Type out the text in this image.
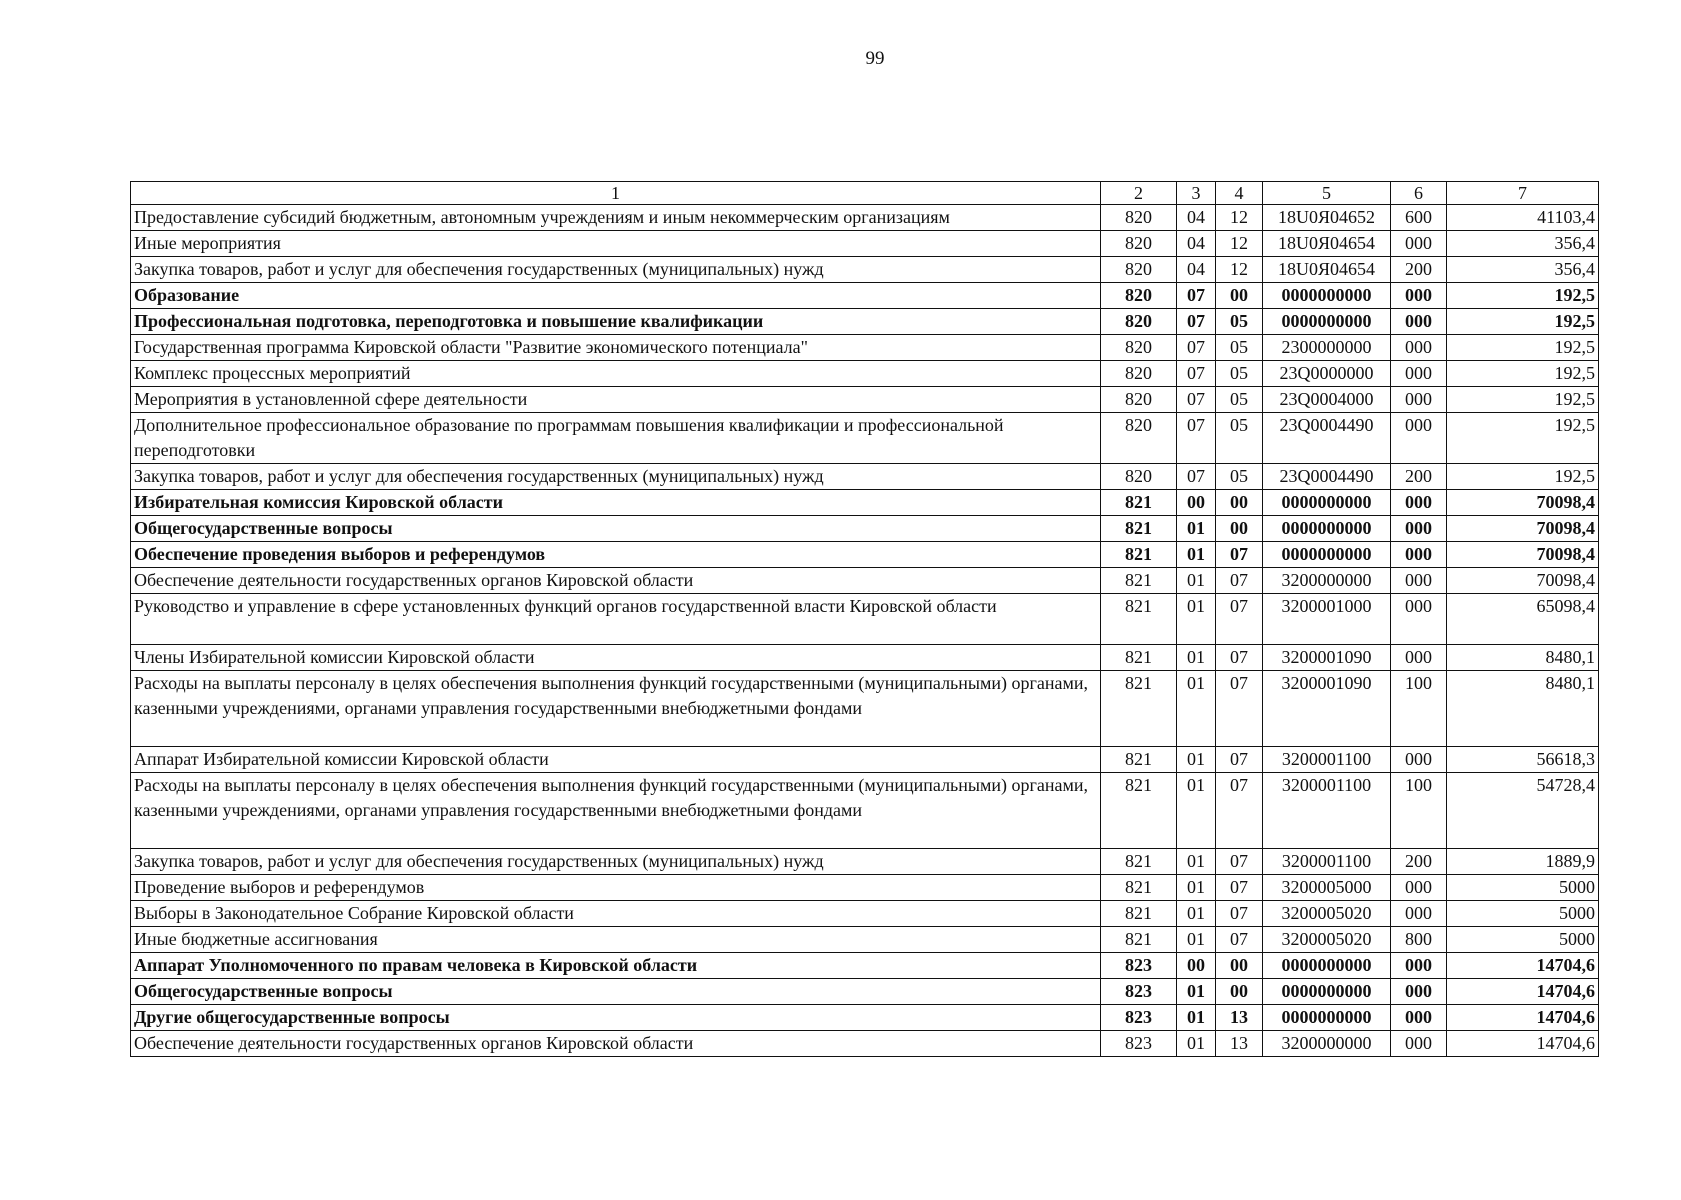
99
1	2	3	4	5	6	7
Предоставление субсидий бюджетным, автономным учреждениям и иным некоммерческим организациям	820	04	12	18U0Я04652	600	41103,4
Иные мероприятия	820	04	12	18U0Я04654	000	356,4
Закупка товаров, работ и услуг для обеспечения государственных (муниципальных) нужд	820	04	12	18U0Я04654	200	356,4
Образование	820	07	00	0000000000	000	192,5
Профессиональная подготовка, переподготовка и повышение квалификации	820	07	05	0000000000	000	192,5
Государственная программа Кировской области "Развитие экономического потенциала"	820	07	05	2300000000	000	192,5
Комплекс процессных мероприятий	820	07	05	23Q0000000	000	192,5
Мероприятия в установленной сфере деятельности	820	07	05	23Q0004000	000	192,5
Дополнительное профессиональное образование по программам повышения квалификации и профессиональной переподготовки	820	07	05	23Q0004490	000	192,5
Закупка товаров, работ и услуг для обеспечения государственных (муниципальных) нужд	820	07	05	23Q0004490	200	192,5
Избирательная комиссия Кировской области	821	00	00	0000000000	000	70098,4
Общегосударственные вопросы	821	01	00	0000000000	000	70098,4
Обеспечение проведения выборов и референдумов	821	01	07	0000000000	000	70098,4
Обеспечение деятельности государственных органов Кировской области	821	01	07	3200000000	000	70098,4
Руководство и управление в сфере установленных функций органов государственной власти Кировской области	821	01	07	3200001000	000	65098,4
Члены Избирательной комиссии Кировской области	821	01	07	3200001090	000	8480,1
Расходы на выплаты персоналу в целях обеспечения выполнения функций государственными (муниципальными) органами, казенными учреждениями, органами управления государственными внебюджетными фондами	821	01	07	3200001090	100	8480,1
Аппарат Избирательной комиссии Кировской области	821	01	07	3200001100	000	56618,3
Расходы на выплаты персоналу в целях обеспечения выполнения функций государственными (муниципальными) органами, казенными учреждениями, органами управления государственными внебюджетными фондами	821	01	07	3200001100	100	54728,4
Закупка товаров, работ и услуг для обеспечения государственных (муниципальных) нужд	821	01	07	3200001100	200	1889,9
Проведение выборов и референдумов	821	01	07	3200005000	000	5000
Выборы в Законодательное Собрание Кировской области	821	01	07	3200005020	000	5000
Иные бюджетные ассигнования	821	01	07	3200005020	800	5000
Аппарат Уполномоченного по правам человека в Кировской области	823	00	00	0000000000	000	14704,6
Общегосударственные вопросы	823	01	00	0000000000	000	14704,6
Другие общегосударственные вопросы	823	01	13	0000000000	000	14704,6
Обеспечение деятельности государственных органов Кировской области	823	01	13	3200000000	000	14704,6
